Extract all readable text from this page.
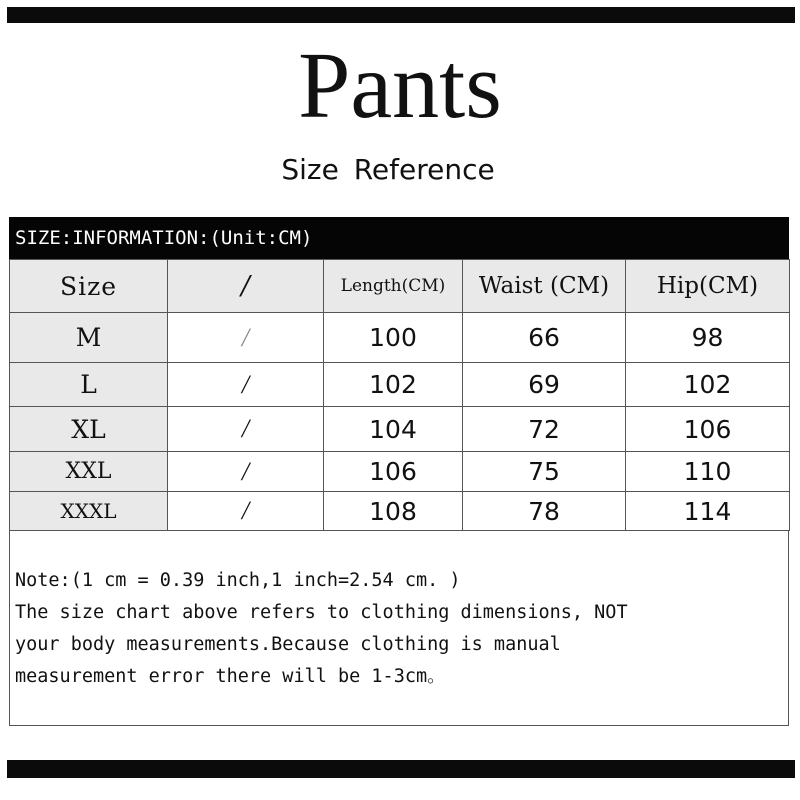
Pants
Size Reference
SIZE:INFORMATION:(Unit:CM)
Size	/	Length(CM)	Waist (CM)	Hip(CM)
M	/	100	66	98
L	/	102	69	102
XL	/	104	72	106
XXL	/	106	75	110
XXXL	/	108	78	114
Note:(1 cm = 0.39 inch,1 inch=2.54 cm. )
The size chart above refers to clothing dimensions, NOT
your body measurements.Because clothing is manual
measurement error there will be 1-3cm。
